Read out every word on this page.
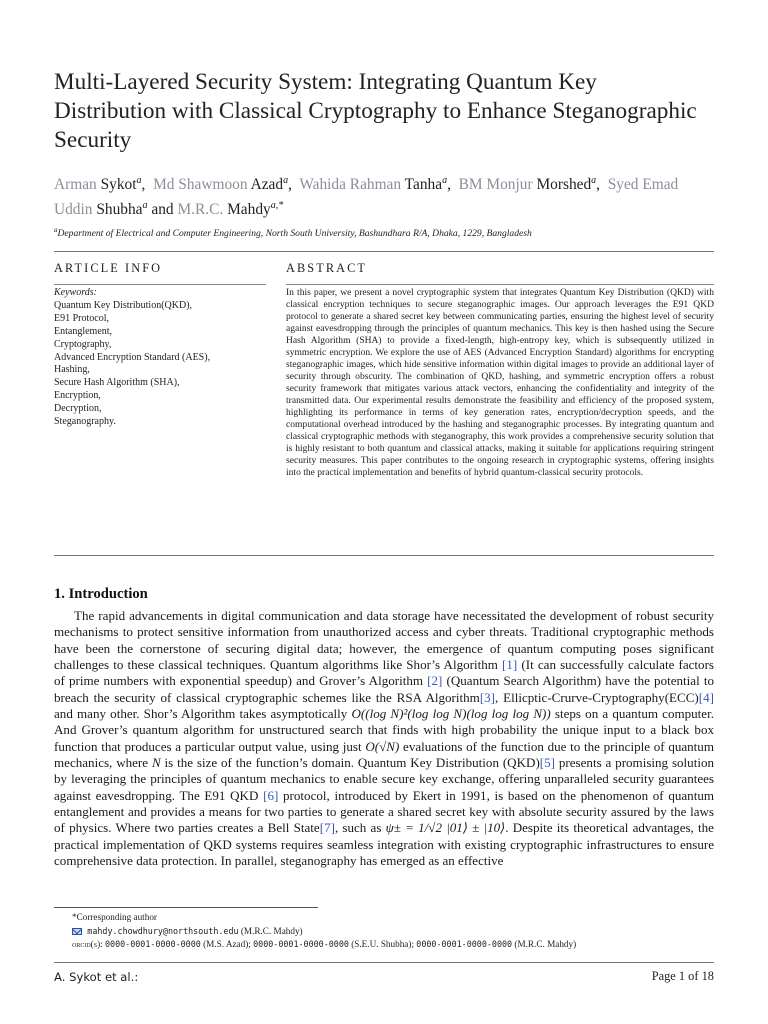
Multi-Layered Security System: Integrating Quantum Key Distribution with Classical Cryptography to Enhance Steganographic Security
Arman Sykot$^a$,  Md Shawmoon Azad$^a$,  Wahida Rahman Tanha$^a$,  BM Monjur Morshed$^a$,  Syed Emad Uddin Shubha$^a$ and M.R.C. Mahdy$^{a,*}$
$^a$Department of Electrical and Computer Engineering, North South University, Bashundhara R/A, Dhaka, 1229, Bangladesh
ARTICLE INFO	ABSTRACT
Keywords:
Quantum Key Distribution(QKD),
E91 Protocol,
Entanglement,
Cryptography,
Advanced Encryption Standard (AES),
Hashing,
Secure Hash Algorithm (SHA),
Encryption,
Decryption,
Steganography.
In this paper, we present a novel cryptographic system that integrates Quantum Key Distribution (QKD) with classical encryption techniques to secure steganographic images. Our approach leverages the E91 QKD protocol to generate a shared secret key between communicating parties, ensuring the highest level of security against eavesdropping through the principles of quantum mechanics. This key is then hashed using the Secure Hash Algorithm (SHA) to provide a fixed-length, high-entropy key, which is subsequently utilized in symmetric encryption. We explore the use of AES (Advanced Encryption Standard) algorithms for encrypting steganographic images, which hide sensitive information within digital images to provide an additional layer of security through obscurity. The combination of QKD, hashing, and symmetric encryption offers a robust security framework that mitigates various attack vectors, enhancing the confidentiality and integrity of the transmitted data. Our experimental results demonstrate the feasibility and efficiency of the proposed system, highlighting its performance in terms of key generation rates, encryption/decryption speeds, and the computational overhead introduced by the hashing and steganographic processes. By integrating quantum and classical cryptographic methods with steganography, this work provides a comprehensive security solution that is highly resistant to both quantum and classical attacks, making it suitable for applications requiring stringent security measures. This paper contributes to the ongoing research in cryptographic systems, offering insights into the practical implementation and benefits of hybrid quantum-classical security protocols.
1. Introduction

The rapid advancements in digital communication and data storage have necessitated the development of robust security mechanisms to protect sensitive information from unauthorized access and cyber threats. Traditional cryptographic methods have been the cornerstone of securing digital data; however, the emergence of quantum computing poses significant challenges to these classical techniques. Quantum algorithms like Shor’s Algorithm [1] (It can successfully calculate factors of prime numbers with exponential speedup) and Grover’s Algorithm [2] (Quantum Search Algorithm) have the potential to breach the security of classical cryptographic schemes like the RSA Algorithm[3], Ellicptic-Crurve-Cryptography(ECC)[4] and many other. Shor’s Algorithm takes asymptotically O((log N)²(log log N)(log log log N)) steps on a quantum computer. And Grover’s quantum algorithm for unstructured search that finds with high probability the unique input to a black box function that produces a particular output value, using just O(√N) evaluations of the function due to the principle of quantum mechanics, where N is the size of the function’s domain. Quantum Key Distribution (QKD)[5] presents a promising solution by leveraging the principles of quantum mechanics to enable secure key exchange, offering unparalleled security guarantees against eavesdropping. The E91 QKD [6] protocol, introduced by Ekert in 1991, is based on the phenomenon of quantum entanglement and provides a means for two parties to generate a shared secret key with absolute security assured by the laws of physics. Where two parties creates a Bell State[7], such as ψ± = 1/√2 |01⟩ ± |10⟩. Despite its theoretical advantages, the practical implementation of QKD systems requires seamless integration with existing cryptographic infrastructures to ensure comprehensive data protection. In parallel, steganography has emerged as an effective

*Corresponding author
mahdy.chowdhury@northsouth.edu (M.R.C. Mahdy)
orcid(s): 0000-0001-0000-0000 (M.S. Azad); 0000-0001-0000-0000 (S.E.U. Shubha); 0000-0001-0000-0000 (M.R.C. Mahdy)
A. Sykot et al.:	Page 1 of 18
